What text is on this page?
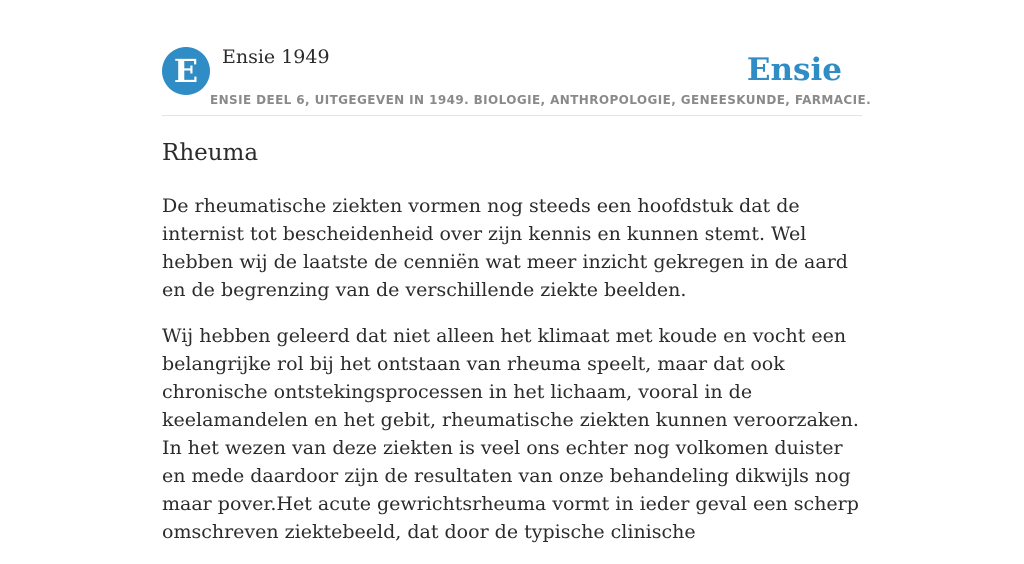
E	Ensie 1949	Ensie
ENSIE DEEL 6, UITGEGEVEN IN 1949. BIOLOGIE, ANTHROPOLOGIE, GENEESKUNDE, FARMACIE.
Rheuma

De rheumatische ziekten vormen nog steeds een hoofdstuk dat de internist tot bescheidenheid over zijn kennis en kunnen stemt. Wel hebben wij de laatste de cenniën wat meer inzicht gekregen in de aard en de begrenzing van de verschillende ziekte beelden.

Wij hebben geleerd dat niet alleen het klimaat met koude en vocht een belangrijke rol bij het ontstaan van rheuma speelt, maar dat ook chronische ontstekingsprocessen in het lichaam, vooral in de keelamandelen en het gebit, rheumatische ziekten kunnen veroorzaken. In het wezen van deze ziekten is veel ons echter nog volkomen duister en mede daardoor zijn de resultaten van onze behandeling dikwijls nog maar pover.Het acute gewrichtsrheuma vormt in ieder geval een scherp omschreven ziektebeeld, dat door de typische clinische
